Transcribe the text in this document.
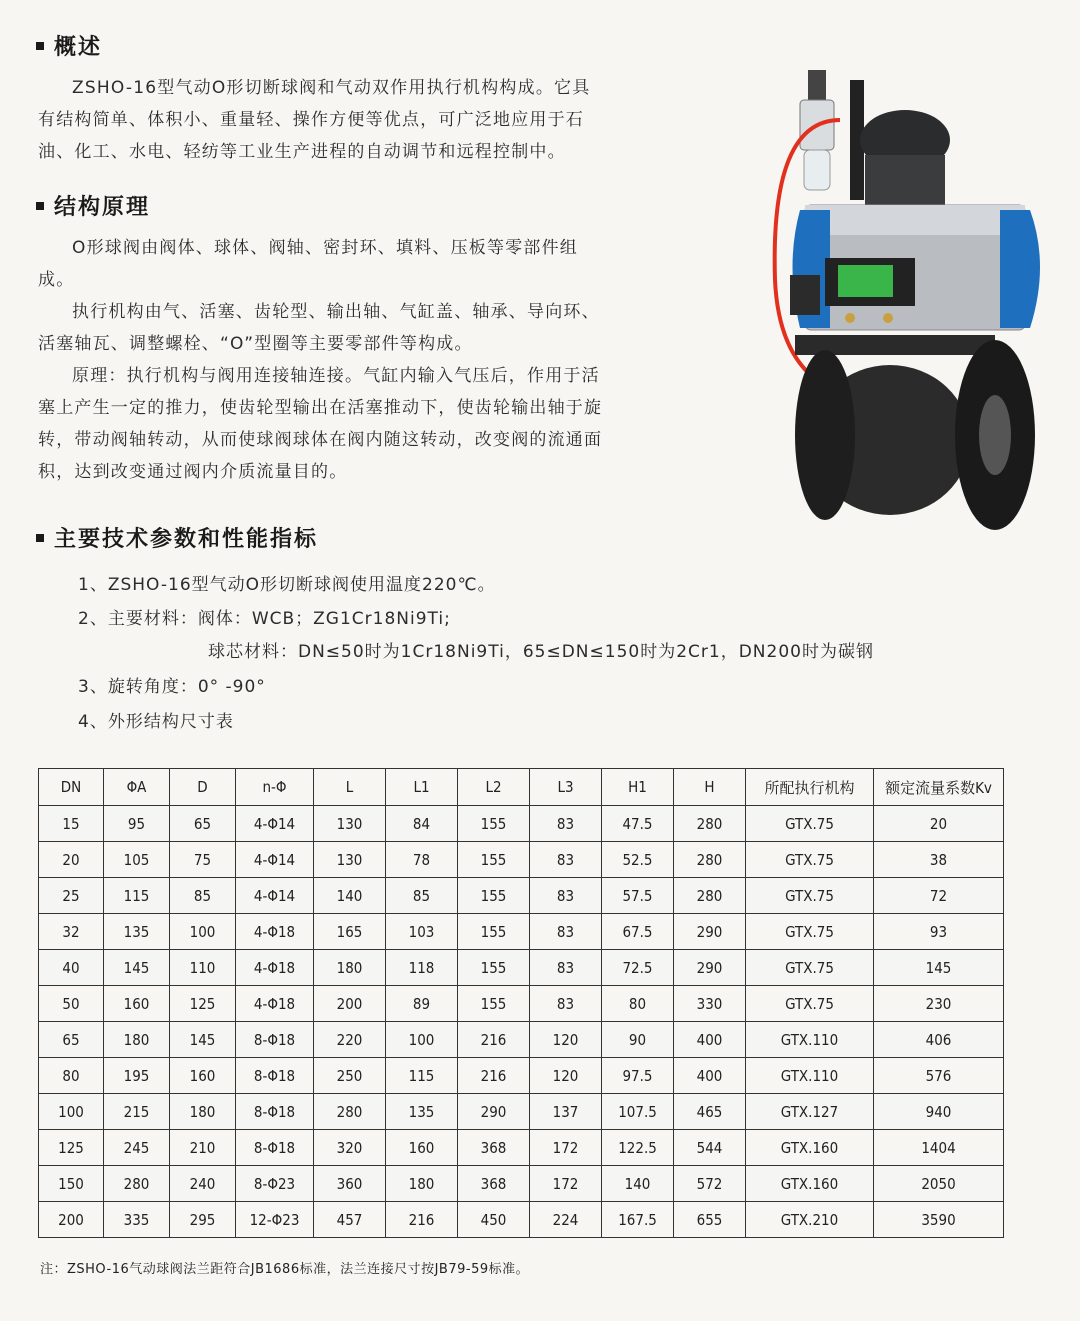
概述

ZSHO-16型气动O形切断球阀和气动双作用执行机构构成。它具有结构简单、体积小、重量轻、操作方便等优点，可广泛地应用于石油、化工、水电、轻纺等工业生产进程的自动调节和远程控制中。

结构原理

O形球阀由阀体、球体、阀轴、密封环、填料、压板等零部件组成。

执行机构由气、活塞、齿轮型、输出轴、气缸盖、轴承、导向环、活塞轴瓦、调整螺栓、“O”型圈等主要零部件等构成。

原理：执行机构与阀用连接轴连接。气缸内输入气压后，作用于活塞上产生一定的推力，使齿轮型输出在活塞推动下，使齿轮输出轴于旋转，带动阀轴转动，从而使球阀球体在阀内随这转动，改变阀的流通面积，达到改变通过阀内介质流量目的。

主要技术参数和性能指标
1、ZSHO-16型气动O形切断球阀使用温度220℃。
2、主要材料：阀体：WCB；ZG1Cr18Ni9Ti;
球芯材料：DN≤50时为1Cr18Ni9Ti，65≤DN≤150时为2Cr1，DN200时为碳钢
3、旋转角度：0° -90°
4、外形结构尺寸表
DN	ΦA	D	n-Φ	L	L1	L2	L3	H1	H	所配执行机构	额定流量系数Kv
15	95	65	4-Φ14	130	84	155	83	47.5	280	GTX.75	20
20	105	75	4-Φ14	130	78	155	83	52.5	280	GTX.75	38
25	115	85	4-Φ14	140	85	155	83	57.5	280	GTX.75	72
32	135	100	4-Φ18	165	103	155	83	67.5	290	GTX.75	93
40	145	110	4-Φ18	180	118	155	83	72.5	290	GTX.75	145
50	160	125	4-Φ18	200	89	155	83	80	330	GTX.75	230
65	180	145	8-Φ18	220	100	216	120	90	400	GTX.110	406
80	195	160	8-Φ18	250	115	216	120	97.5	400	GTX.110	576
100	215	180	8-Φ18	280	135	290	137	107.5	465	GTX.127	940
125	245	210	8-Φ18	320	160	368	172	122.5	544	GTX.160	1404
150	280	240	8-Φ23	360	180	368	172	140	572	GTX.160	2050
200	335	295	12-Φ23	457	216	450	224	167.5	655	GTX.210	3590
注：ZSHO-16气动球阀法兰距符合JB1686标准，法兰连接尺寸按JB79-59标准。
